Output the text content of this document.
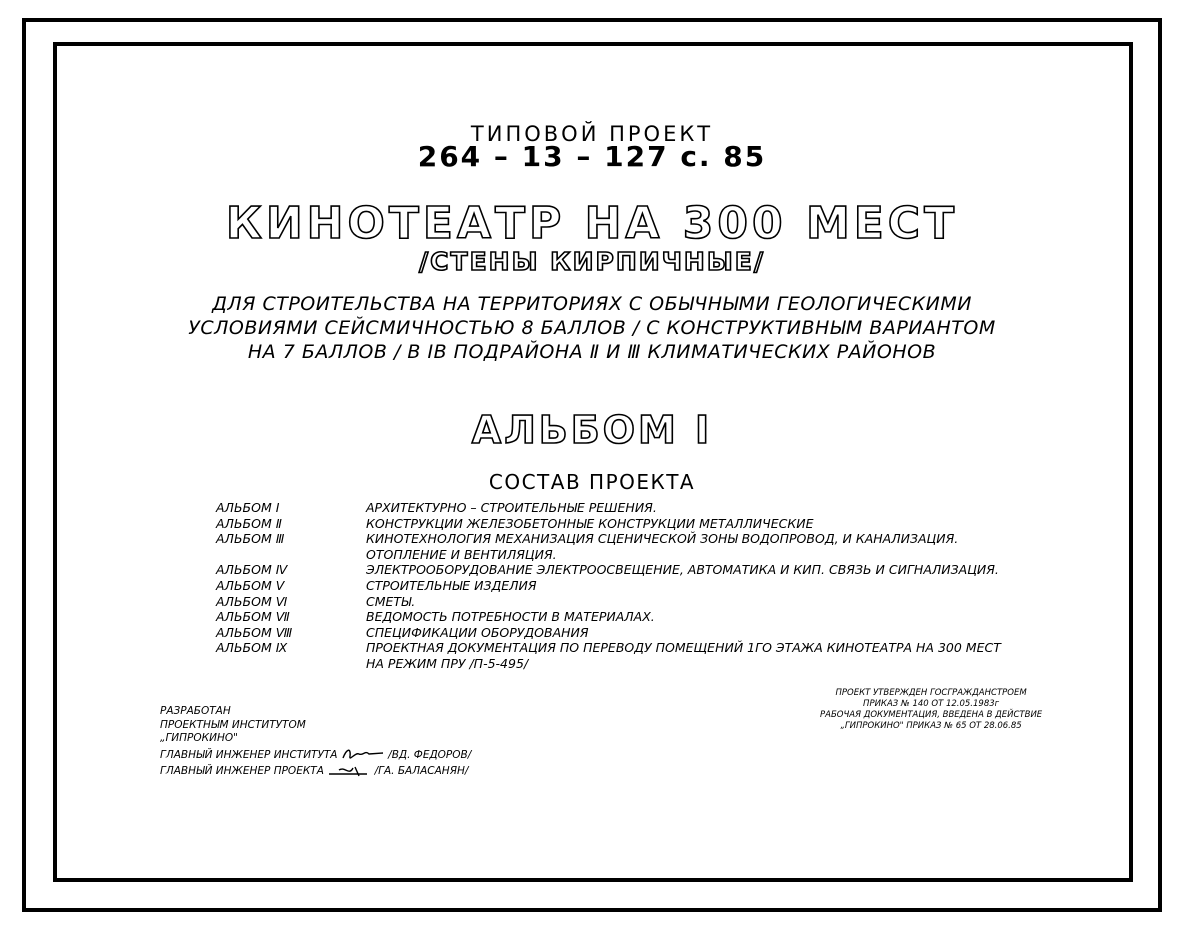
ТИПОВОЙ ПРОЕКТ
264 – 13 – 127 с. 85
КИНОТЕАТР НА 300 МЕСТ
/СТЕНЫ КИРПИЧНЫЕ/
ДЛЯ СТРОИТЕЛЬСТВА НА ТЕРРИТОРИЯХ С ОБЫЧНЫМИ ГЕОЛОГИЧЕСКИМИ
УСЛОВИЯМИ СЕЙСМИЧНОСТЬЮ 8 БАЛЛОВ / С КОНСТРУКТИВНЫМ ВАРИАНТОМ
НА 7 БАЛЛОВ / В ⅠВ ПОДРАЙОНА Ⅱ И Ⅲ КЛИМАТИЧЕСКИХ РАЙОНОВ
АЛЬБОМ Ⅰ
СОСТАВ ПРОЕКТА
АЛЬБОМ Ⅰ	АРХИТЕКТУРНО – СТРОИТЕЛЬНЫЕ РЕШЕНИЯ.
АЛЬБОМ Ⅱ	КОНСТРУКЦИИ ЖЕЛЕЗОБЕТОННЫЕ КОНСТРУКЦИИ МЕТАЛЛИЧЕСКИЕ
АЛЬБОМ Ⅲ	КИНОТЕХНОЛОГИЯ МЕХАНИЗАЦИЯ СЦЕНИЧЕСКОЙ ЗОНЫ ВОДОПРОВОД, И КАНАЛИЗАЦИЯ.
ОТОПЛЕНИЕ И ВЕНТИЛЯЦИЯ.
АЛЬБОМ Ⅳ	ЭЛЕКТРООБОРУДОВАНИЕ ЭЛЕКТРООСВЕЩЕНИЕ, АВТОМАТИКА И КИП. СВЯЗЬ И СИГНАЛИЗАЦИЯ.
АЛЬБОМ Ⅴ	СТРОИТЕЛЬНЫЕ ИЗДЕЛИЯ
АЛЬБОМ Ⅵ	СМЕТЫ.
АЛЬБОМ Ⅶ	ВЕДОМОСТЬ ПОТРЕБНОСТИ В МАТЕРИАЛАХ.
АЛЬБОМ Ⅷ	СПЕЦИФИКАЦИИ ОБОРУДОВАНИЯ
АЛЬБОМ Ⅸ	ПРОЕКТНАЯ ДОКУМЕНТАЦИЯ ПО ПЕРЕВОДУ ПОМЕЩЕНИЙ 1ГО ЭТАЖА КИНОТЕАТРА НА 300 МЕСТ
НА РЕЖИМ ПРУ /П-5-495/
ПРОЕКТ УТВЕРЖДЕН ГОСГРАЖДАНСТРОЕМ
ПРИКАЗ № 140 ОТ 12.05.1983г
РАБОЧАЯ ДОКУМЕНТАЦИЯ, ВВЕДЕНА В ДЕЙСТВИЕ
„ГИПРОКИНО" ПРИКАЗ № 65 ОТ 28.06.85
РАЗРАБОТАН
ПРОЕКТНЫМ ИНСТИТУТОМ
„ГИПРОКИНО"
ГЛАВНЫЙ ИНЖЕНЕР ИНСТИТУТА	/ВД. ФЕДОРОВ/
ГЛАВНЫЙ ИНЖЕНЕР ПРОЕКТА	/ГА. БАЛАСАНЯН/
